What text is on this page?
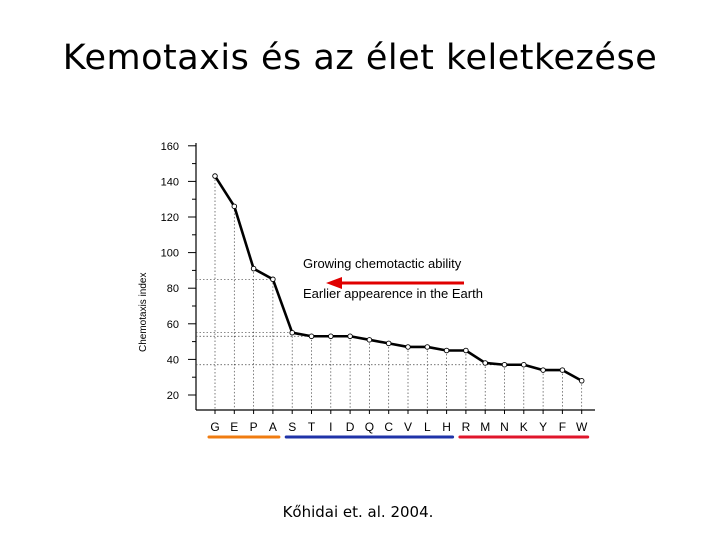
Kemotaxis és az élet keletkezése
20
40
60
80
100
120
140
160
G E P A S T I D Q C V L H R M N K Y F W
Growing chemotactic ability
Earlier appearence in the Earth
Chemotaxis index
Kőhidai et. al. 2004.
